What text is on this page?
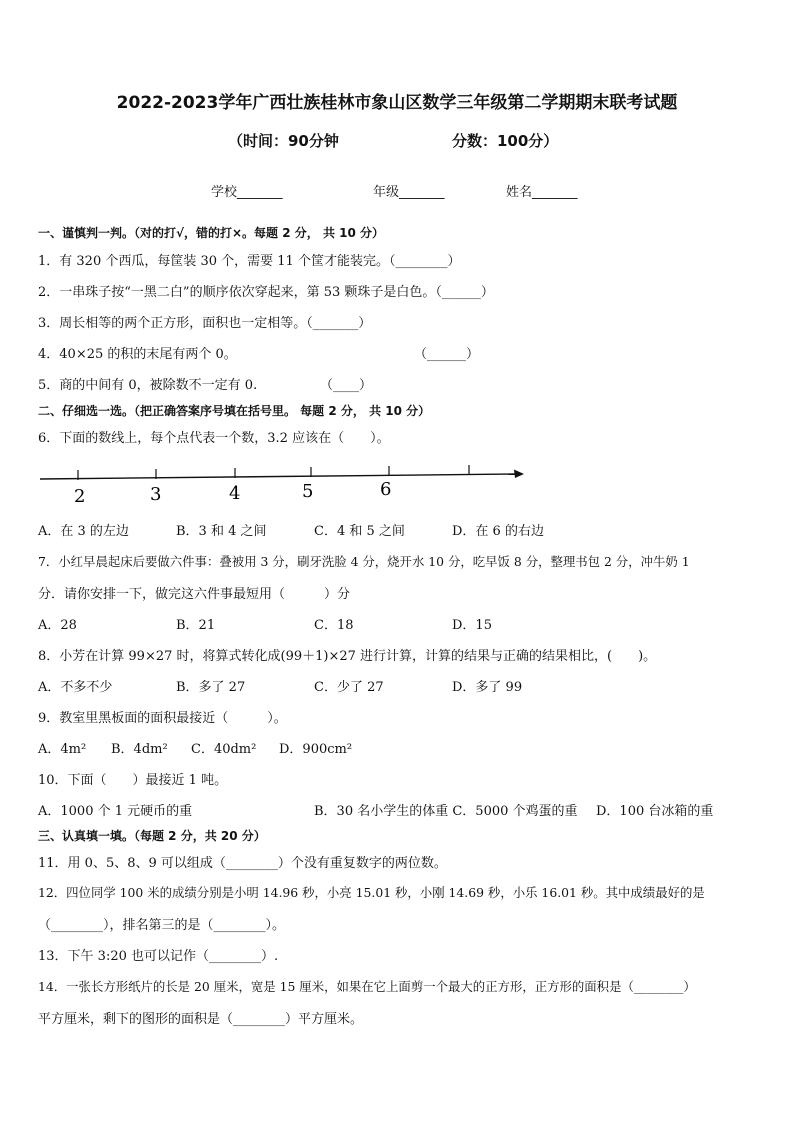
2022-2023学年广西壮族桂林市象山区数学三年级第二学期期末联考试题
（时间：90分钟	分数：100分）
学校_______	年级_______	姓名_______
一、谨慎判一判。（对的打√，错的打×。每题 2 分， 共 10 分）
1．有 320 个西瓜，每筐装 30 个，需要 11 个筐才能装完。（________）
2．一串珠子按“一黑二白”的顺序依次穿起来，第 53 颗珠子是白色。（______）
3．周长相等的两个正方形，面积也一定相等。（_______）
4．40×25 的积的末尾有两个 0。	（______）
5．商的中间有 0，被除数不一定有 0.	（____）
二、仔细选一选。（把正确答案序号填在括号里。 每题 2 分， 共 10 分）
6．下面的数线上，每个点代表一个数，3.2 应该在（　　）。
2	3	4	5	6
A．在 3 的左边	B．3 和 4 之间	C．4 和 5 之间	D．在 6 的右边
7．小红早晨起床后要做六件事：叠被用 3 分，刷牙洗脸 4 分，烧开水 10 分，吃早饭 8 分，整理书包 2 分，冲牛奶 1
分．请你安排一下，做完这六件事最短用（　　　）分
A．28	B．21	C．18	D．15
8．小芳在计算 99×27 时，将算式转化成(99＋1)×27 进行计算，计算的结果与正确的结果相比，(　　)。
A．不多不少	B．多了 27	C．少了 27	D．多了 99
9．教室里黑板面的面积最接近（　　　）。
A．4m² B．4dm² C．40dm² D．900cm²
10．下面（　　）最接近 1 吨。
A．1000 个 1 元硬币的重	B．30 名小学生的体重 C．5000 个鸡蛋的重 D．100 台冰箱的重
三、认真填一填。（每题 2 分，共 20 分）
11．用 0、5、8、9 可以组成（________）个没有重复数字的两位数。
12．四位同学 100 米的成绩分别是小明 14.96 秒，小亮 15.01 秒，小刚 14.69 秒，小乐 16.01 秒。其中成绩最好的是
（________），排名第三的是（________）。
13．下午 3:20 也可以记作（________）.
14．一张长方形纸片的长是 20 厘米，宽是 15 厘米，如果在它上面剪一个最大的正方形，正方形的面积是（________）
平方厘米，剩下的图形的面积是（________）平方厘米。
